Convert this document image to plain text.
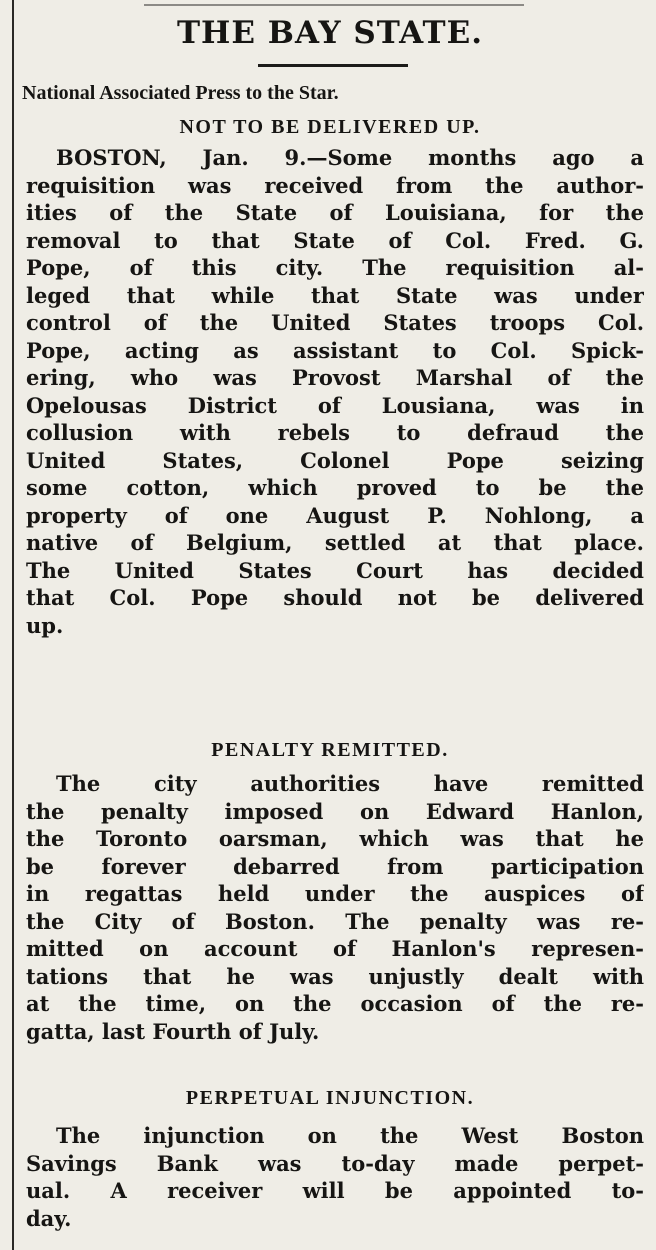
THE BAY STATE.

National Associated Press to the Star.

NOT TO BE DELIVERED UP.
BOSTON, Jan. 9.—Some months ago a
requisition was received from the author-
ities of the State of Louisiana, for the
removal to that State of Col. Fred. G.
Pope, of this city. The requisition al-
leged that while that State was under
control of the United States troops Col.
Pope, acting as assistant to Col. Spick-
ering, who was Provost Marshal of the
Opelousas District of Lousiana, was in
collusion with rebels to defraud the
United States, Colonel Pope seizing
some cotton, which proved to be the
property of one August P. Nohlong, a
native of Belgium, settled at that place.
The United States Court has decided
that Col. Pope should not be delivered
up.
PENALTY REMITTED.
The city authorities have remitted
the penalty imposed on Edward Hanlon,
the Toronto oarsman, which was that he
be forever debarred from participation
in regattas held under the auspices of
the City of Boston. The penalty was re-
mitted on account of Hanlon's represen-
tations that he was unjustly dealt with
at the time, on the occasion of the re-
gatta, last Fourth of July.
PERPETUAL INJUNCTION.
The injunction on the West Boston
Savings Bank was to-day made perpet-
ual. A receiver will be appointed to-
day.
